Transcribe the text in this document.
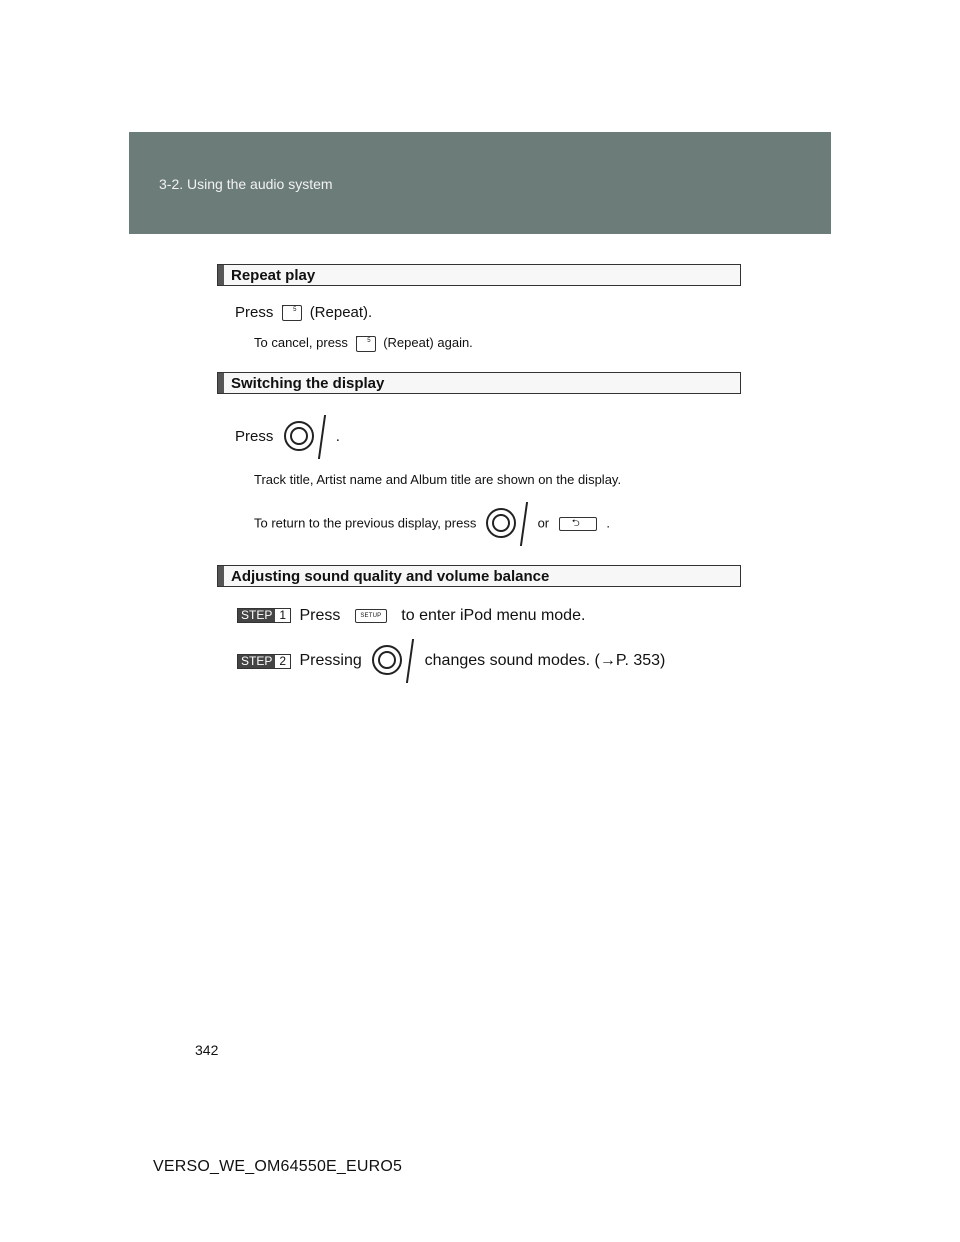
3-2. Using the audio system
Repeat play
Press	5 (Repeat).
To cancel, press	5 (Repeat) again.
Switching the display
Press	.
Track title, Artist name and Album title are shown on the display.
To return to the previous display, press	or ⮌ .
Adjusting sound quality and volume balance
STEP 1 Press	SETUP to enter iPod menu mode.
STEP 2 Pressing	changes sound modes. (→P. 353)
342
VERSO_WE_OM64550E_EURO5
